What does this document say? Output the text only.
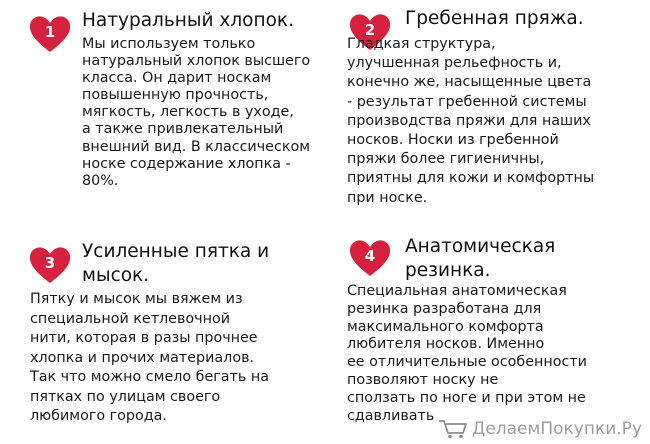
1
Натуральный хлопок.
Мы используем только
натуральный хлопок высшего
класса. Он дарит носкам
повышенную прочность,
мягкость, легкость в уходе,
а также привлекательный
внешний вид. В классическом
носке содержание хлопка -
80%.
2
Гребенная пряжа.
Гладкая структура,
улучшенная рельефность и,
конечно же, насыщенные цвета
- результат гребенной системы
производства пряжи для наших
носков. Носки из гребенной
пряжи более гигиеничны,
приятны для кожи и комфортны
при носке.
3
Усиленные пятка и
мысок.
Пятку и мысок мы вяжем из
специальной кетлевочной
нити, которая в разы прочнее
хлопка и прочих материалов.
Так что можно смело бегать на
пятках по улицам своего
любимого города.
4	Анатомическая
резинка.
Специальная анатомическая
резинка разработана для
максимального комфорта
любителя носков. Именно
ее отличительные особенности
позволяют носку не
сползать по ноге и при этом не
сдавливать
ДелаемПокупки.Ру
